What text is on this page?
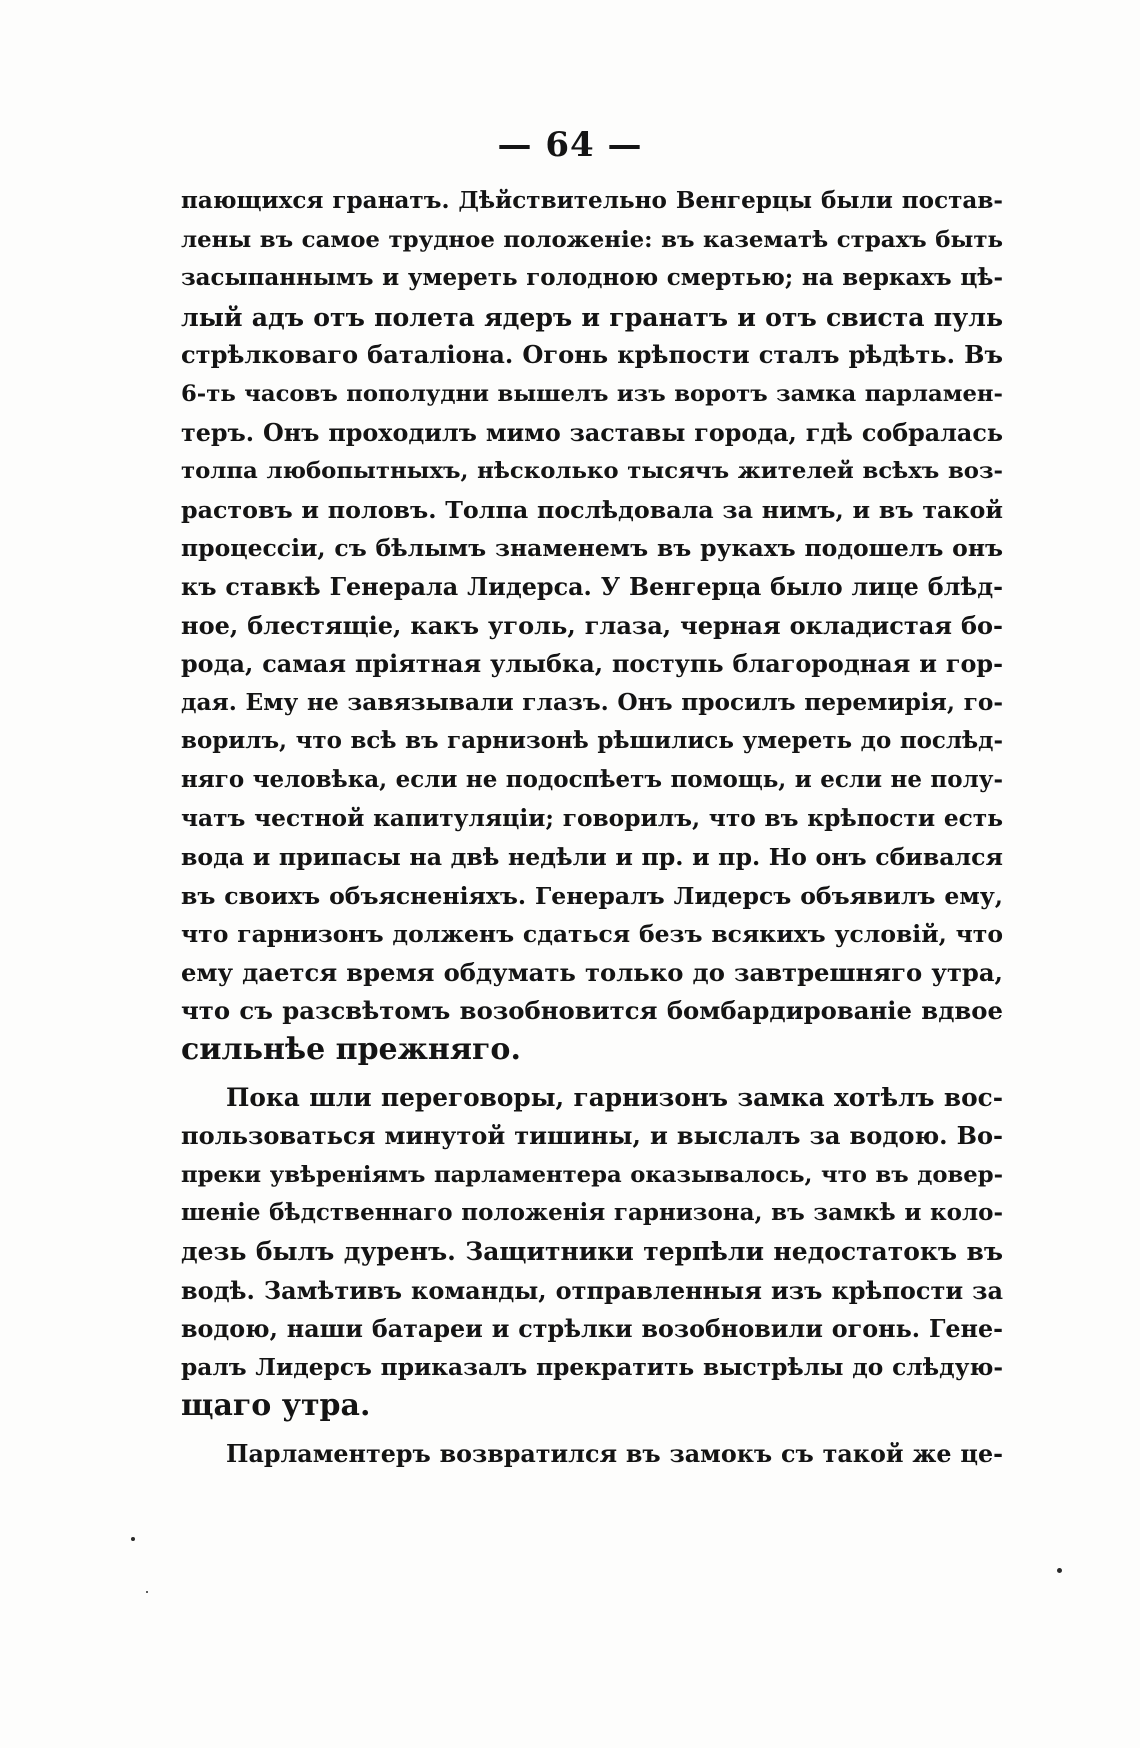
— 64 —
пающихся гранатъ. Дѣйствительно Венгерцы были постав-
лены въ самое трудное положенiе: въ казематѣ страхъ быть
засыпаннымъ и умереть голодною смертью; на веркахъ цѣ-
лый адъ отъ полета ядеръ и гранатъ и отъ свиста пуль
стрѣлковаго баталiона. Огонь крѣпости сталъ рѣдѣть. Въ
6-ть часовъ пополудни вышелъ изъ воротъ замка парламен-
теръ. Онъ проходилъ мимо заставы города, гдѣ собралась
толпа любопытныхъ, нѣсколько тысячъ жителей всѣхъ воз-
растовъ и половъ. Толпа послѣдовала за нимъ, и въ такой
процессiи, съ бѣлымъ знаменемъ въ рукахъ подошелъ онъ
къ ставкѣ Генерала Лидерса. У Венгерца было лице блѣд-
ное, блестящiе, какъ уголь, глаза, черная окладистая бо-
рода, самая прiятная улыбка, поступь благородная и гор-
дая. Ему не завязывали глазъ. Онъ просилъ перемирiя, го-
ворилъ, что всѣ въ гарнизонѣ рѣшились умереть до послѣд-
няго человѣка, если не подоспѣетъ помощь, и если не полу-
чатъ честной капитуляцiи; говорилъ, что въ крѣпости есть
вода и припасы на двѣ недѣли и пр. и пр. Но онъ сбивался
въ своихъ объясненiяхъ. Генералъ Лидерсъ объявилъ ему,
что гарнизонъ долженъ сдаться безъ всякихъ условiй, что
ему дается время обдумать только до завтрешняго утра,
что съ разсвѣтомъ возобновится бомбардированiе вдвое
сильнѣе прежняго.
Пока шли переговоры, гарнизонъ замка хотѣлъ вос-
пользоваться минутой тишины, и выслалъ за водою. Во-
преки увѣренiямъ парламентера оказывалось, что въ довер-
шенiе бѣдственнаго положенiя гарнизона, въ замкѣ и коло-
дезь былъ дуренъ. Защитники терпѣли недостатокъ въ
водѣ. Замѣтивъ команды, отправленныя изъ крѣпости за
водою, наши батареи и стрѣлки возобновили огонь. Гене-
ралъ Лидерсъ приказалъ прекратить выстрѣлы до слѣдую-
щаго утра.
Парламентеръ возвратился въ замокъ съ такой же це-
